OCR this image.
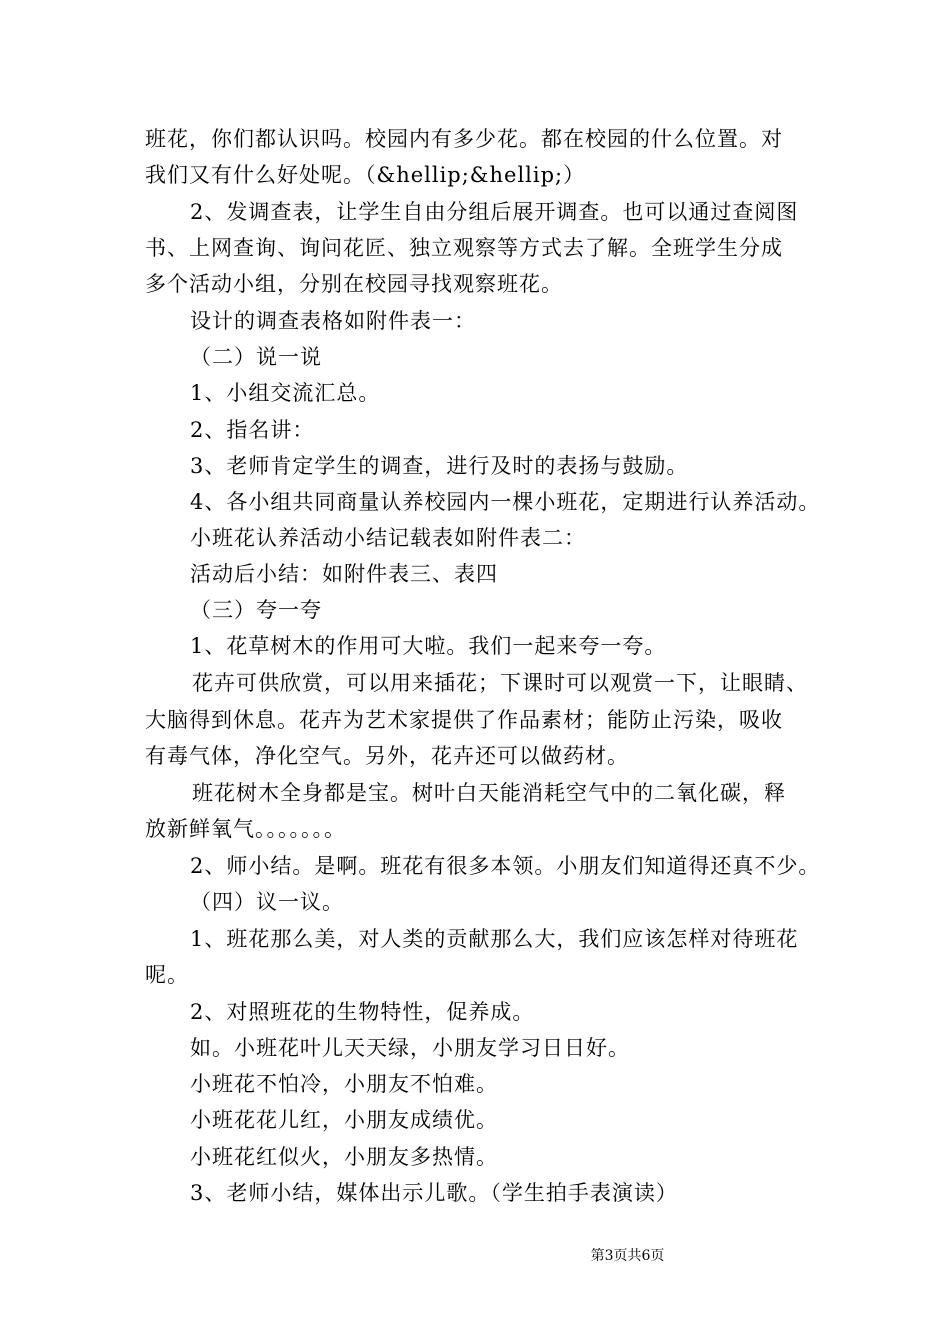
班花，你们都认识吗。校园内有多少花。都在校园的什么位置。对
我们又有什么好处呢。（&hellip;&hellip;）
2、发调查表，让学生自由分组后展开调查。也可以通过查阅图
书、上网查询、询问花匠、独立观察等方式去了解。全班学生分成
多个活动小组，分别在校园寻找观察班花。
设计的调查表格如附件表一：
（二）说一说
1、小组交流汇总。
2、指名讲：
3、老师肯定学生的调查，进行及时的表扬与鼓励。
4、各小组共同商量认养校园内一棵小班花，定期进行认养活动。
小班花认养活动小结记载表如附件表二：
活动后小结：如附件表三、表四
（三）夸一夸
1、花草树木的作用可大啦。我们一起来夸一夸。
花卉可供欣赏，可以用来插花；下课时可以观赏一下，让眼睛、
大脑得到休息。花卉为艺术家提供了作品素材；能防止污染，吸收
有毒气体，净化空气。另外，花卉还可以做药材。
班花树木全身都是宝。树叶白天能消耗空气中的二氧化碳，释
放新鲜氧气。。。。。。。
2、师小结。是啊。班花有很多本领。小朋友们知道得还真不少。
（四）议一议。
1、班花那么美，对人类的贡献那么大，我们应该怎样对待班花
呢。
2、对照班花的生物特性，促养成。
如。小班花叶儿天天绿，小朋友学习日日好。
小班花不怕冷，小朋友不怕难。
小班花花儿红，小朋友成绩优。
小班花红似火，小朋友多热情。
3、老师小结，媒体出示儿歌。（学生拍手表演读）
第3页共6页
